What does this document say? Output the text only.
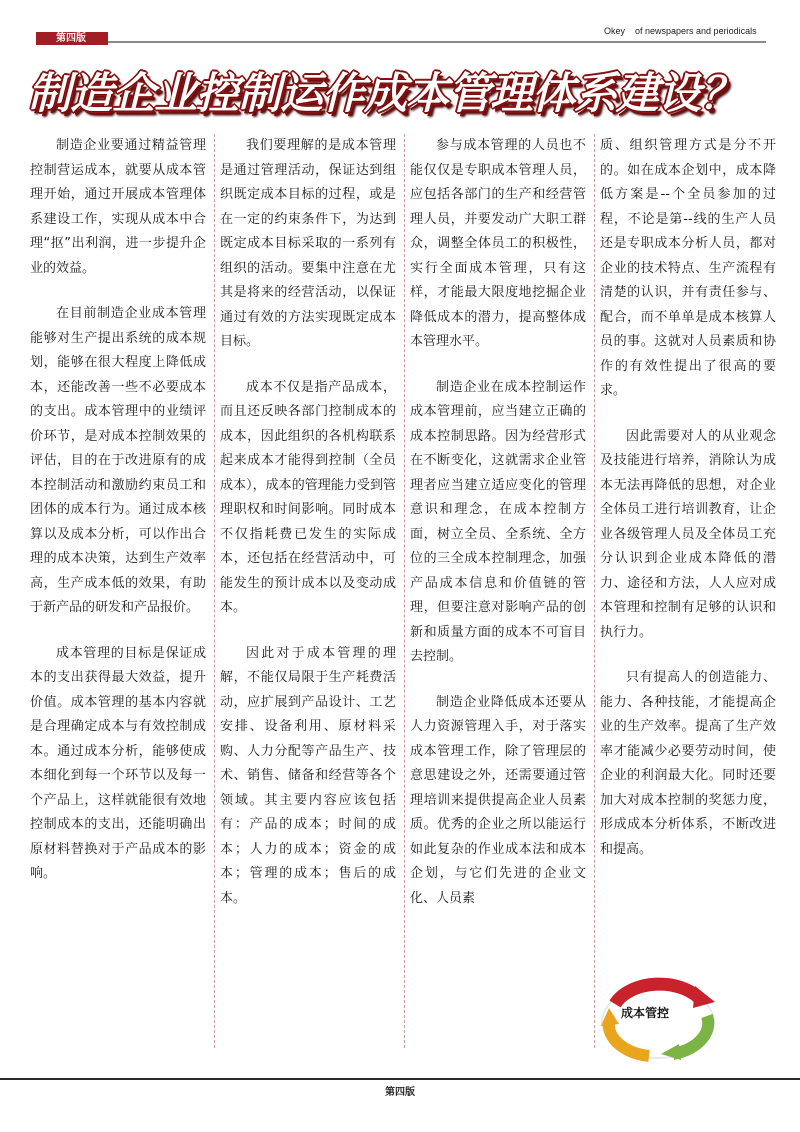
第四版
Okey    of newspapers and periodicals
制造企业控制运作成本管理体系建设？

制造企业要通过精益管理控制营运成本，就要从成本管理开始，通过开展成本管理体系建设工作，实现从成本中合理“抠”出利润，进一步提升企业的效益。

在目前制造企业成本管理能够对生产提出系统的成本规划，能够在很大程度上降低成本，还能改善一些不必要成本的支出。成本管理中的业绩评价环节，是对成本控制效果的评估，目的在于改进原有的成本控制活动和激励约束员工和团体的成本行为。通过成本核算以及成本分析，可以作出合理的成本决策，达到生产效率高，生产成本低的效果，有助于新产品的研发和产品报价。

成本管理的目标是保证成本的支出获得最大效益，提升价值。成本管理的基本内容就是合理确定成本与有效控制成本。通过成本分析，能够使成本细化到每一个环节以及每一个产品上，这样就能很有效地控制成本的支出，还能明确出原材料替换对于产品成本的影响。

我们要理解的是成本管理是通过管理活动，保证达到组织既定成本目标的过程，或是在一定的约束条件下，为达到既定成本目标采取的一系列有组织的活动。要集中注意在尤其是将来的经营活动，以保证通过有效的方法实现既定成本目标。

成本不仅是指产品成本，而且还反映各部门控制成本的成本，因此组织的各机构联系起来成本才能得到控制（全员成本），成本的管理能力受到管理职权和时间影响。同时成本不仅指耗费已发生的实际成本，还包括在经营活动中，可能发生的预计成本以及变动成本。

因此对于成本管理的理解，不能仅局限于生产耗费活动，应扩展到产品设计、工艺安排、设备利用、原材料采购、人力分配等产品生产、技术、销售、储备和经营等各个领域。其主要内容应该包括有：产品的成本；时间的成本；人力的成本；资金的成本；管理的成本；售后的成本。

参与成本管理的人员也不能仅仅是专职成本管理人员，应包括各部门的生产和经营管理人员，并要发动广大职工群众，调整全体员工的积极性，实行全面成本管理，只有这样，才能最大限度地挖掘企业降低成本的潜力，提高整体成本管理水平。

制造企业在成本控制运作成本管理前，应当建立正确的成本控制思路。因为经营形式在不断变化，这就需求企业管理者应当建立适应变化的管理意识和理念，在成本控制方面，树立全员、全系统、全方位的三全成本控制理念，加强产品成本信息和价值链的管理，但要注意对影响产品的创新和质量方面的成本不可盲目去控制。

制造企业降低成本还要从人力资源管理入手，对于落实成本管理工作，除了管理层的意思建设之外，还需要通过管理培训来提供提高企业人员素质。优秀的企业之所以能运行如此复杂的作业成本法和成本企划，与它们先进的企业文化、人员素

质、组织管理方式是分不开的。如在成本企划中，成本降低方案是--个全员参加的过程，不论是第--线的生产人员还是专职成本分析人员，都对企业的技术特点、生产流程有清楚的认识，并有责任参与、配合，而不单单是成本核算人员的事。这就对人员素质和协作的有效性提出了很高的要求。

因此需要对人的从业观念及技能进行培养，消除认为成本无法再降低的思想，对企业全体员工进行培训教育，让企业各级管理人员及全体员工充分认识到企业成本降低的潜力、途径和方法，人人应对成本管理和控制有足够的认识和执行力。

只有提高人的创造能力、能力、各种技能，才能提高企业的生产效率。提高了生产效率才能减少必要劳动时间，使企业的利润最大化。同时还要加大对成本控制的奖惩力度，形成成本分析体系，不断改进和提高。

成本管控
第四版
